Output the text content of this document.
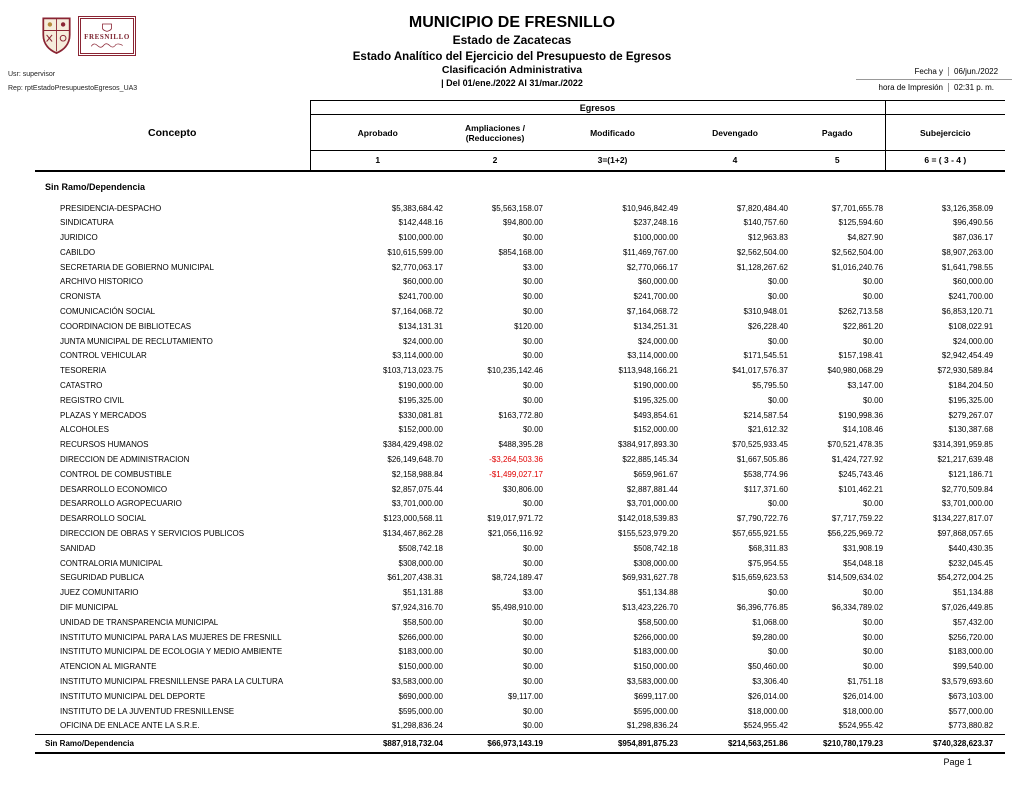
FRESNILLO
MUNICIPIO DE FRESNILLO
Estado de Zacatecas
Estado Analítico del Ejercicio del Presupuesto de Egresos
Clasificación Administrativa
| Del 01/ene./2022 Al 31/mar./2022
Usr: supervisor
Rep: rptEstadoPresupuestoEgresos_UA3
Fecha y	06/jun./2022
hora de Impresión	02:31 p. m.
	Egresos					
Concepto	Aprobado	Ampliaciones / (Reducciones)	Modificado	Devengado	Pagado	Subejercicio
	1	2	3=(1+2)	4	5	6 = ( 3 - 4 )
Sin Ramo/Dependencia						
PRESIDENCIA-DESPACHO	$5,383,684.42	$5,563,158.07	$10,946,842.49	$7,820,484.40	$7,701,655.78	$3,126,358.09
SINDICATURA	$142,448.16	$94,800.00	$237,248.16	$140,757.60	$125,594.60	$96,490.56
JURIDICO	$100,000.00	$0.00	$100,000.00	$12,963.83	$4,827.90	$87,036.17
CABILDO	$10,615,599.00	$854,168.00	$11,469,767.00	$2,562,504.00	$2,562,504.00	$8,907,263.00
SECRETARIA DE GOBIERNO MUNICIPAL	$2,770,063.17	$3.00	$2,770,066.17	$1,128,267.62	$1,016,240.76	$1,641,798.55
ARCHIVO HISTORICO	$60,000.00	$0.00	$60,000.00	$0.00	$0.00	$60,000.00
CRONISTA	$241,700.00	$0.00	$241,700.00	$0.00	$0.00	$241,700.00
COMUNICACIÓN SOCIAL	$7,164,068.72	$0.00	$7,164,068.72	$310,948.01	$262,713.58	$6,853,120.71
COORDINACION DE BIBLIOTECAS	$134,131.31	$120.00	$134,251.31	$26,228.40	$22,861.20	$108,022.91
JUNTA MUNICIPAL DE RECLUTAMIENTO	$24,000.00	$0.00	$24,000.00	$0.00	$0.00	$24,000.00
CONTROL VEHICULAR	$3,114,000.00	$0.00	$3,114,000.00	$171,545.51	$157,198.41	$2,942,454.49
TESORERIA	$103,713,023.75	$10,235,142.46	$113,948,166.21	$41,017,576.37	$40,980,068.29	$72,930,589.84
CATASTRO	$190,000.00	$0.00	$190,000.00	$5,795.50	$3,147.00	$184,204.50
REGISTRO CIVIL	$195,325.00	$0.00	$195,325.00	$0.00	$0.00	$195,325.00
PLAZAS Y MERCADOS	$330,081.81	$163,772.80	$493,854.61	$214,587.54	$190,998.36	$279,267.07
ALCOHOLES	$152,000.00	$0.00	$152,000.00	$21,612.32	$14,108.46	$130,387.68
RECURSOS HUMANOS	$384,429,498.02	$488,395.28	$384,917,893.30	$70,525,933.45	$70,521,478.35	$314,391,959.85
DIRECCION DE ADMINISTRACION	$26,149,648.70	-$3,264,503.36	$22,885,145.34	$1,667,505.86	$1,424,727.92	$21,217,639.48
CONTROL DE COMBUSTIBLE	$2,158,988.84	-$1,499,027.17	$659,961.67	$538,774.96	$245,743.46	$121,186.71
DESARROLLO ECONOMICO	$2,857,075.44	$30,806.00	$2,887,881.44	$117,371.60	$101,462.21	$2,770,509.84
DESARROLLO AGROPECUARIO	$3,701,000.00	$0.00	$3,701,000.00	$0.00	$0.00	$3,701,000.00
DESARROLLO SOCIAL	$123,000,568.11	$19,017,971.72	$142,018,539.83	$7,790,722.76	$7,717,759.22	$134,227,817.07
DIRECCION DE OBRAS Y SERVICIOS PUBLICOS	$134,467,862.28	$21,056,116.92	$155,523,979.20	$57,655,921.55	$56,225,969.72	$97,868,057.65
SANIDAD	$508,742.18	$0.00	$508,742.18	$68,311.83	$31,908.19	$440,430.35
CONTRALORIA MUNICIPAL	$308,000.00	$0.00	$308,000.00	$75,954.55	$54,048.18	$232,045.45
SEGURIDAD PUBLICA	$61,207,438.31	$8,724,189.47	$69,931,627.78	$15,659,623.53	$14,509,634.02	$54,272,004.25
JUEZ COMUNITARIO	$51,131.88	$3.00	$51,134.88	$0.00	$0.00	$51,134.88
DIF MUNICIPAL	$7,924,316.70	$5,498,910.00	$13,423,226.70	$6,396,776.85	$6,334,789.02	$7,026,449.85
UNIDAD DE TRANSPARENCIA MUNICIPAL	$58,500.00	$0.00	$58,500.00	$1,068.00	$0.00	$57,432.00
INSTITUTO MUNICIPAL PARA LAS MUJERES DE FRESNILL	$266,000.00	$0.00	$266,000.00	$9,280.00	$0.00	$256,720.00
INSTITUTO MUNICIPAL DE ECOLOGIA Y MEDIO AMBIENTE	$183,000.00	$0.00	$183,000.00	$0.00	$0.00	$183,000.00
ATENCION AL MIGRANTE	$150,000.00	$0.00	$150,000.00	$50,460.00	$0.00	$99,540.00
INSTITUTO MUNICIPAL FRESNILLENSE PARA LA CULTURA	$3,583,000.00	$0.00	$3,583,000.00	$3,306.40	$1,751.18	$3,579,693.60
INSTITUTO MUNICIPAL DEL DEPORTE	$690,000.00	$9,117.00	$699,117.00	$26,014.00	$26,014.00	$673,103.00
INSTITUTO DE LA JUVENTUD FRESNILLENSE	$595,000.00	$0.00	$595,000.00	$18,000.00	$18,000.00	$577,000.00
OFICINA DE ENLACE ANTE LA S.R.E.	$1,298,836.24	$0.00	$1,298,836.24	$524,955.42	$524,955.42	$773,880.82
Sin Ramo/Dependencia	$887,918,732.04	$66,973,143.19	$954,891,875.23	$214,563,251.86	$210,780,179.23	$740,328,623.37
Page 1
